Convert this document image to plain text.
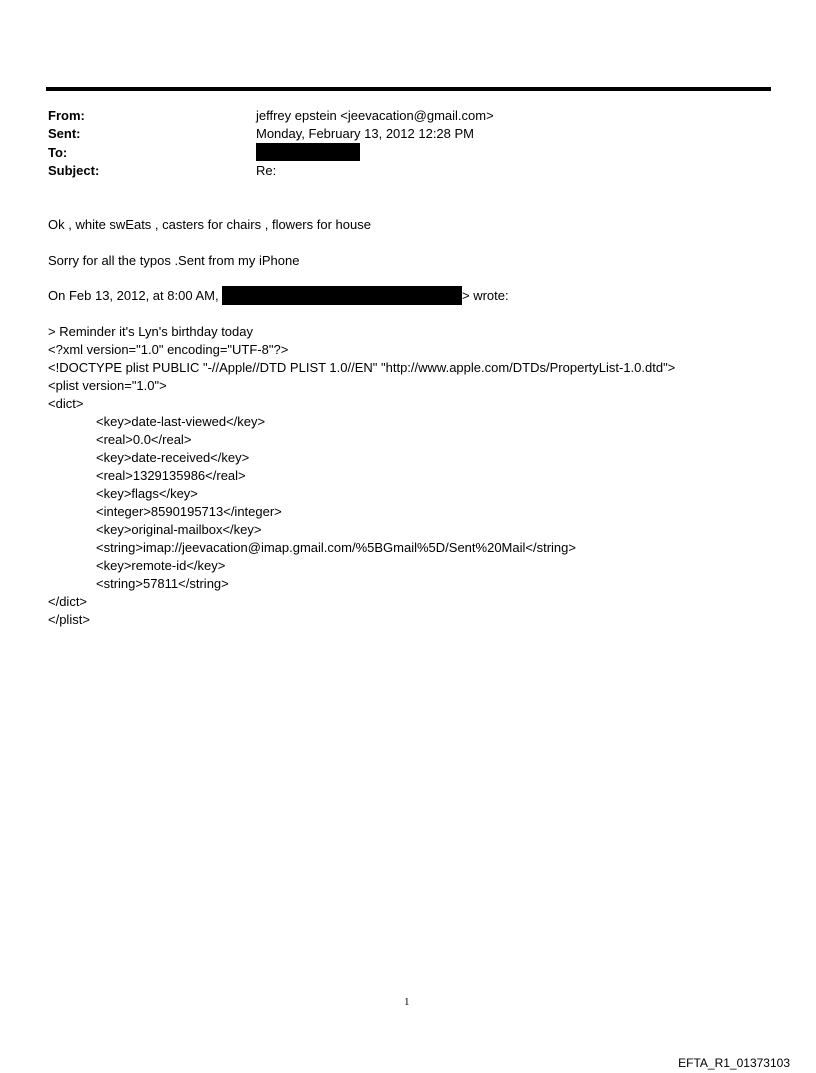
From:	jeffrey epstein <jeevacation@gmail.com>
Sent:	Monday, February 13, 2012 12:28 PM
To:
Subject:	Re:
Ok , white swEats , casters for chairs , flowers for house
Sorry for all the typos .Sent from my iPhone
On Feb 13, 2012, at 8:00 AM,	> wrote:
> Reminder it's Lyn's birthday today
<?xml version="1.0" encoding="UTF-8"?>
<!DOCTYPE plist PUBLIC "-//Apple//DTD PLIST 1.0//EN" "http://www.apple.com/DTDs/PropertyList-1.0.dtd">
<plist version="1.0">
<dict>
<key>date-last-viewed</key>
<real>0.0</real>
<key>date-received</key>
<real>1329135986</real>
<key>flags</key>
<integer>8590195713</integer>
<key>original-mailbox</key>
<string>imap://jeevacation@imap.gmail.com/%5BGmail%5D/Sent%20Mail</string>
<key>remote-id</key>
<string>57811</string>
</dict>
</plist>
1
EFTA_R1_01373103
